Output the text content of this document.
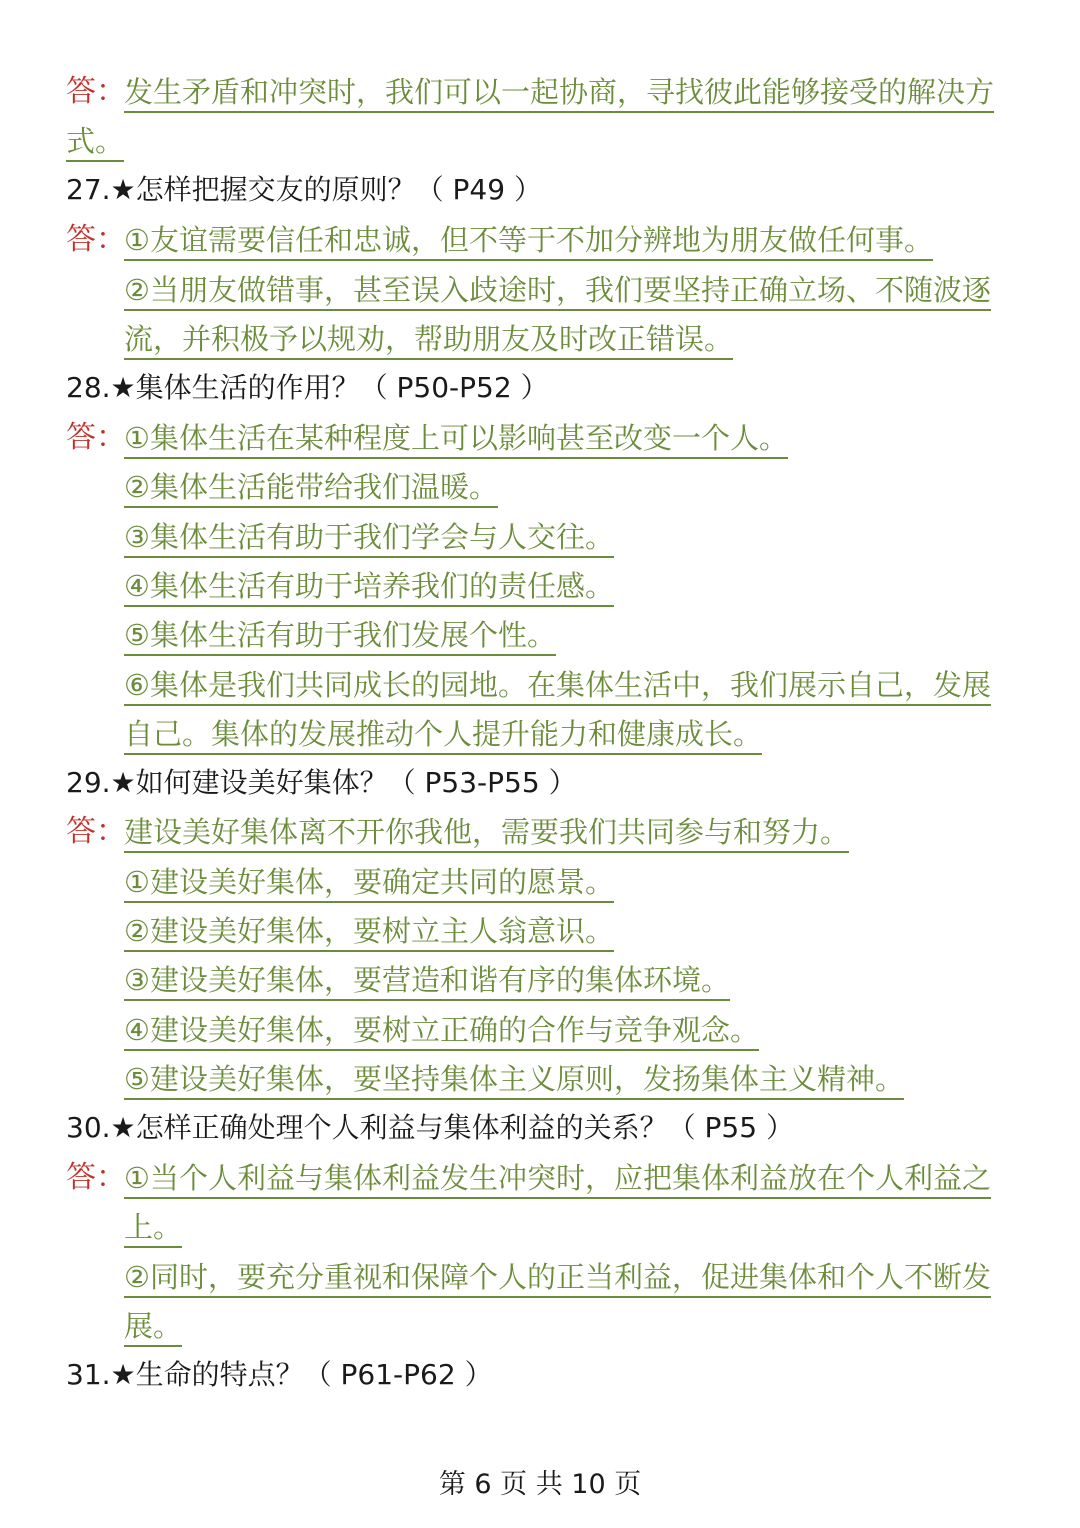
答：
发生矛盾和冲突时，我们可以一起协商，寻找彼此能够接受的解决方
式。
27.★怎样把握交友的原则？（ P49 ）
答：
①友谊需要信任和忠诚，但不等于不加分辨地为朋友做任何事。
②当朋友做错事，甚至误入歧途时，我们要坚持正确立场、不随波逐
流，并积极予以规劝，帮助朋友及时改正错误。
28.★集体生活的作用？（ P50-P52 ）
答：
①集体生活在某种程度上可以影响甚至改变一个人。
②集体生活能带给我们温暖。
③集体生活有助于我们学会与人交往。
④集体生活有助于培养我们的责任感。
⑤集体生活有助于我们发展个性。
⑥集体是我们共同成长的园地。在集体生活中，我们展示自己，发展
自己。集体的发展推动个人提升能力和健康成长。
29.★如何建设美好集体？（ P53-P55 ）
答：
建设美好集体离不开你我他，需要我们共同参与和努力。
①建设美好集体，要确定共同的愿景。
②建设美好集体，要树立主人翁意识。
③建设美好集体，要营造和谐有序的集体环境。
④建设美好集体，要树立正确的合作与竞争观念。
⑤建设美好集体，要坚持集体主义原则，发扬集体主义精神。
30.★怎样正确处理个人利益与集体利益的关系？（ P55 ）
答：
①当个人利益与集体利益发生冲突时，应把集体利益放在个人利益之
上。
②同时，要充分重视和保障个人的正当利益，促进集体和个人不断发
展。
31.★生命的特点？（ P61-P62 ）
第 6 页 共 10 页
